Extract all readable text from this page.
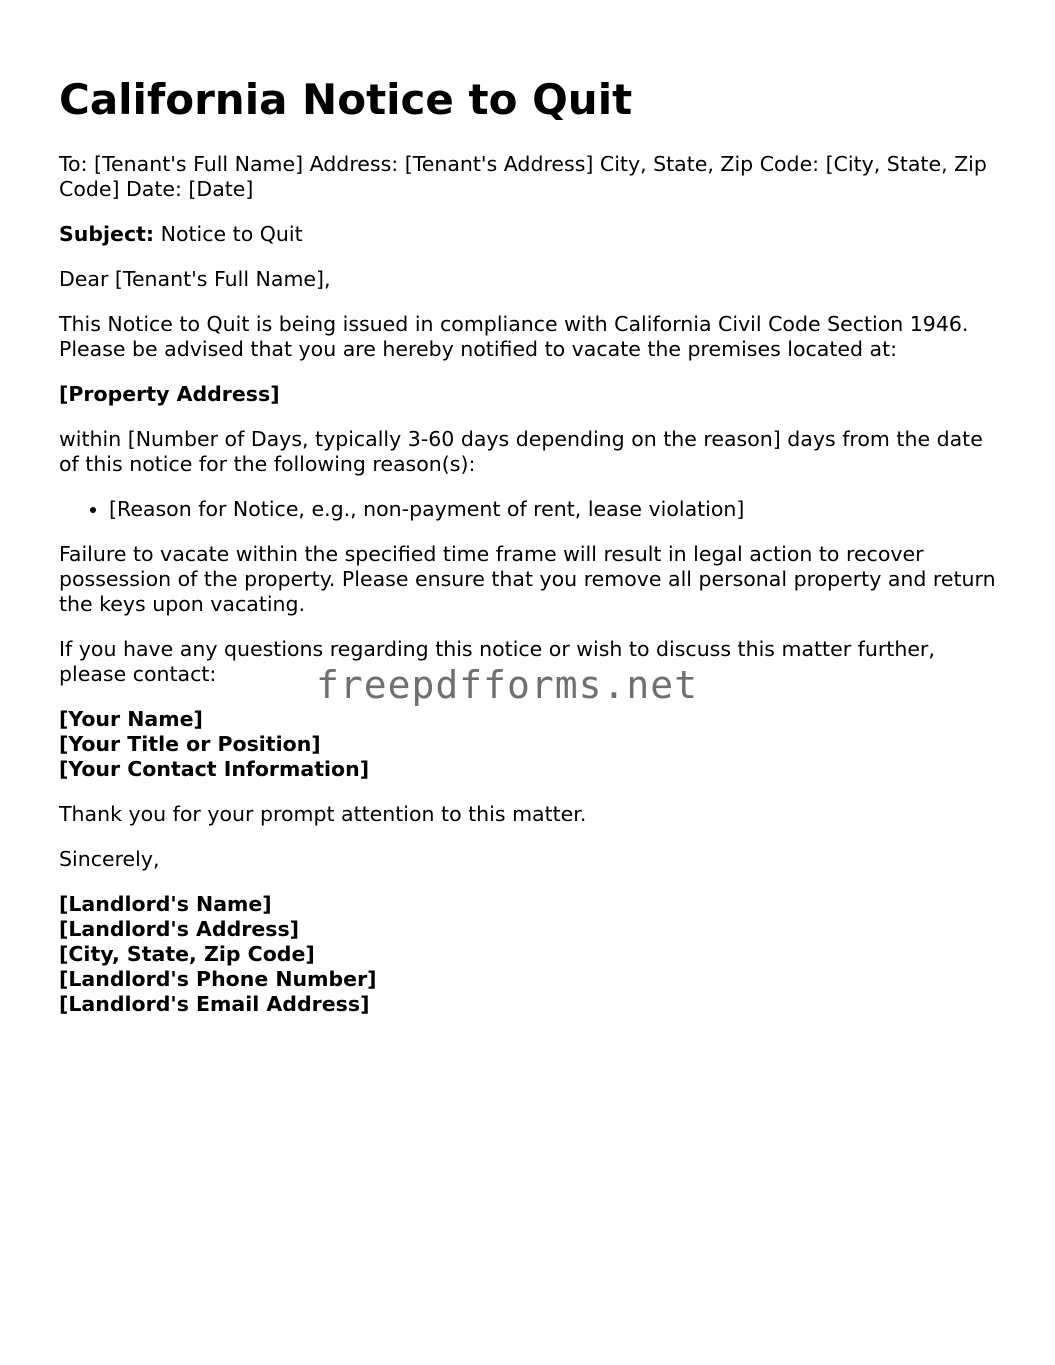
California Notice to Quit

To: [Tenant's Full Name] Address: [Tenant's Address] City, State, Zip Code: [City, State, Zip Code] Date: [Date]

Subject: Notice to Quit

Dear [Tenant's Full Name],

This Notice to Quit is being issued in compliance with California Civil Code Section 1946. Please be advised that you are hereby notified to vacate the premises located at:

[Property Address]

within [Number of Days, typically 3-60 days depending on the reason] days from the date of this notice for the following reason(s):

• [Reason for Notice, e.g., non-payment of rent, lease violation]

Failure to vacate within the specified time frame will result in legal action to recover possession of the property. Please ensure that you remove all personal property and return the keys upon vacating.

If you have any questions regarding this notice or wish to discuss this matter further, please contact:

[Your Name]
[Your Title or Position]
[Your Contact Information]

Thank you for your prompt attention to this matter.

Sincerely,

[Landlord's Name]
[Landlord's Address]
[City, State, Zip Code]
[Landlord's Phone Number]
[Landlord's Email Address]
freepdfforms.net
